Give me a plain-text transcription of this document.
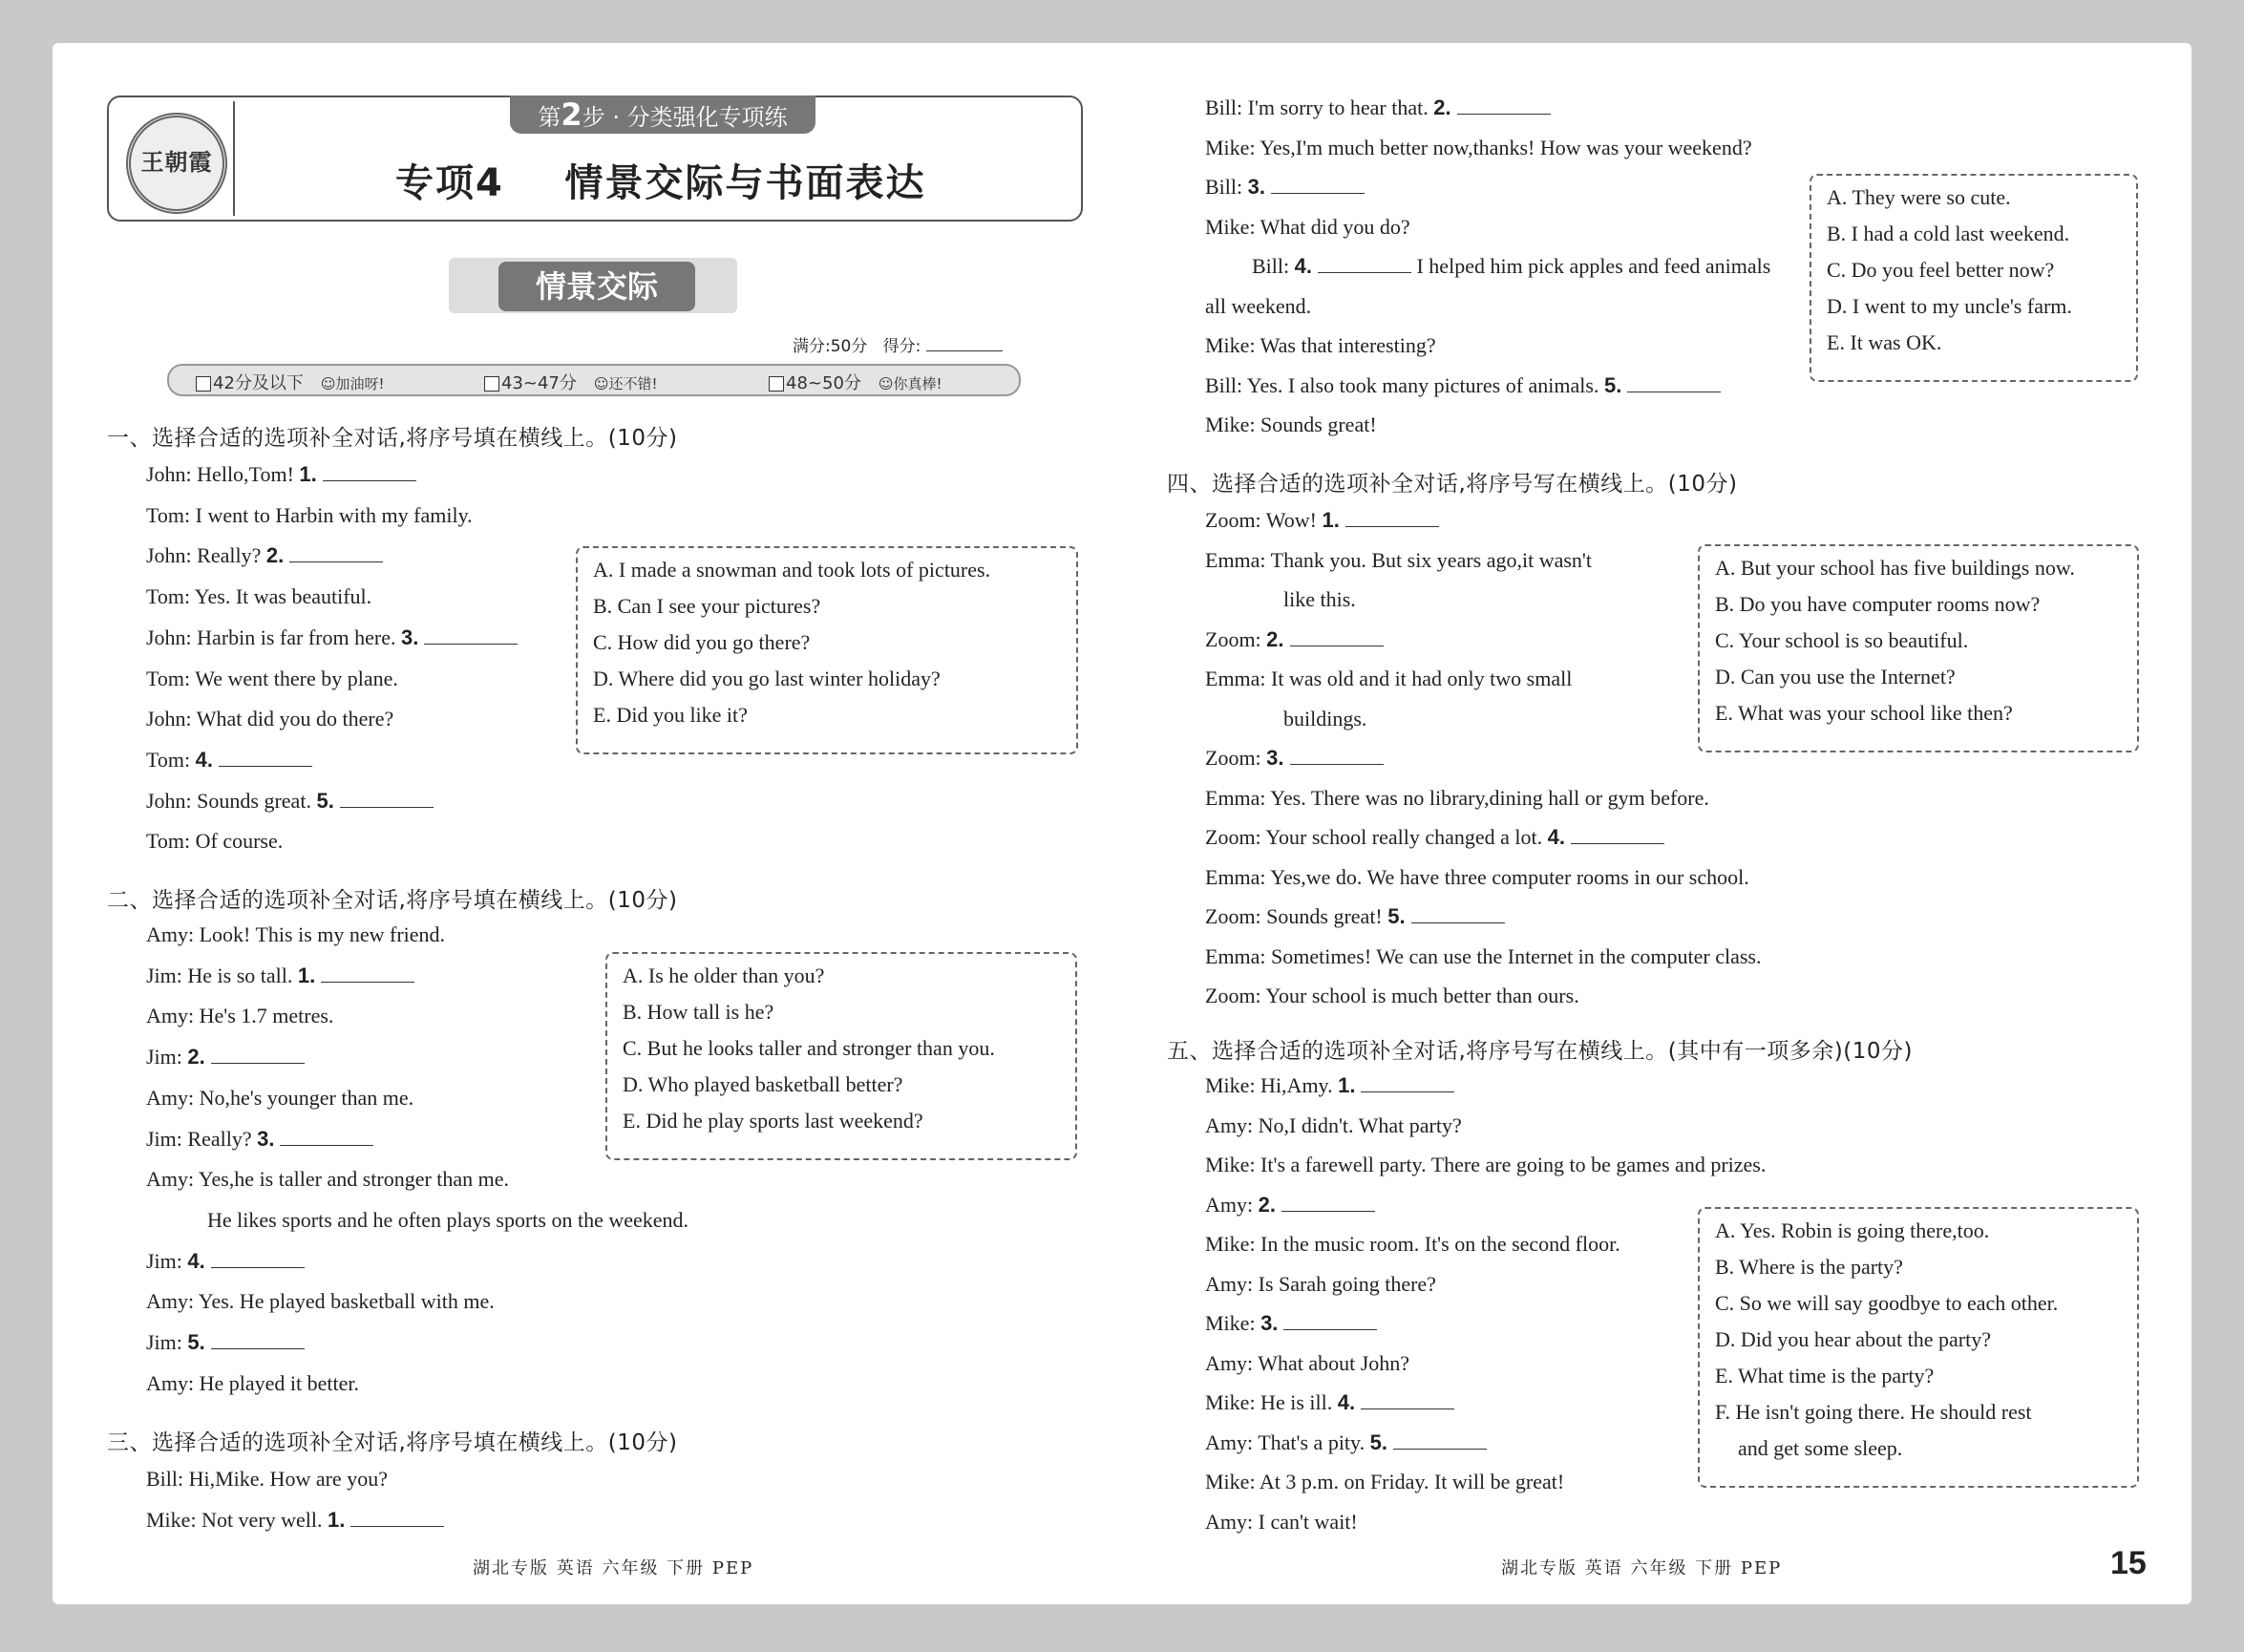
王朝霞
第2步 · 分类强化专项练
专项4    情景交际与书面表达
情景交际
满分:50分 得分:
42分及以下 ☺加油呀!	43~47分 ☺还不错!	48~50分 ☺你真棒!
一、选择合适的选项补全对话,将序号填在横线上。(10分)
John: Hello,Tom! 1.
Tom: I went to Harbin with my family.
John: Really? 2.
Tom: Yes. It was beautiful.
John: Harbin is far from here. 3.
Tom: We went there by plane.
John: What did you do there?
Tom: 4.
John: Sounds great. 5.
Tom: Of course.
A. I made a snowman and took lots of pictures.
B. Can I see your pictures?
C. How did you go there?
D. Where did you go last winter holiday?
E. Did you like it?
二、选择合适的选项补全对话,将序号填在横线上。(10分)
Amy: Look! This is my new friend.
Jim: He is so tall. 1.
Amy: He's 1.7 metres.
Jim: 2.
Amy: No,he's younger than me.
Jim: Really? 3.
Amy: Yes,he is taller and stronger than me.
He likes sports and he often plays sports on the weekend.
Jim: 4.
Amy: Yes. He played basketball with me.
Jim: 5.
Amy: He played it better.
A. Is he older than you?
B. How tall is he?
C. But he looks taller and stronger than you.
D. Who played basketball better?
E. Did he play sports last weekend?
三、选择合适的选项补全对话,将序号填在横线上。(10分)
Bill: Hi,Mike. How are you?
Mike: Not very well. 1.
Bill: I'm sorry to hear that. 2.
Mike: Yes,I'm much better now,thanks! How was your weekend?
Bill: 3.
Mike: What did you do?
Bill: 4.	I helped him pick apples and feed animals
all weekend.
Mike: Was that interesting?
Bill: Yes. I also took many pictures of animals. 5.
Mike: Sounds great!
A. They were so cute.
B. I had a cold last weekend.
C. Do you feel better now?
D. I went to my uncle's farm.
E. It was OK.
四、选择合适的选项补全对话,将序号写在横线上。(10分)
Zoom: Wow! 1.
Emma: Thank you. But six years ago,it wasn't
like this.
Zoom: 2.
Emma: It was old and it had only two small
buildings.
Zoom: 3.
Emma: Yes. There was no library,dining hall or gym before.
Zoom: Your school really changed a lot. 4.
Emma: Yes,we do. We have three computer rooms in our school.
Zoom: Sounds great! 5.
Emma: Sometimes! We can use the Internet in the computer class.
Zoom: Your school is much better than ours.
A. But your school has five buildings now.
B. Do you have computer rooms now?
C. Your school is so beautiful.
D. Can you use the Internet?
E. What was your school like then?
五、选择合适的选项补全对话,将序号写在横线上。(其中有一项多余)(10分)
Mike: Hi,Amy. 1.
Amy: No,I didn't. What party?
Mike: It's a farewell party. There are going to be games and prizes.
Amy: 2.
Mike: In the music room. It's on the second floor.
Amy: Is Sarah going there?
Mike: 3.
Amy: What about John?
Mike: He is ill. 4.
Amy: That's a pity. 5.
Mike: At 3 p.m. on Friday. It will be great!
Amy: I can't wait!
A. Yes. Robin is going there,too.
B. Where is the party?
C. So we will say goodbye to each other.
D. Did you hear about the party?
E. What time is the party?
F. He isn't going there. He should rest
and get some sleep.
湖北专版 英语 六年级 下册 PEP	湖北专版 英语 六年级 下册 PEP	15
